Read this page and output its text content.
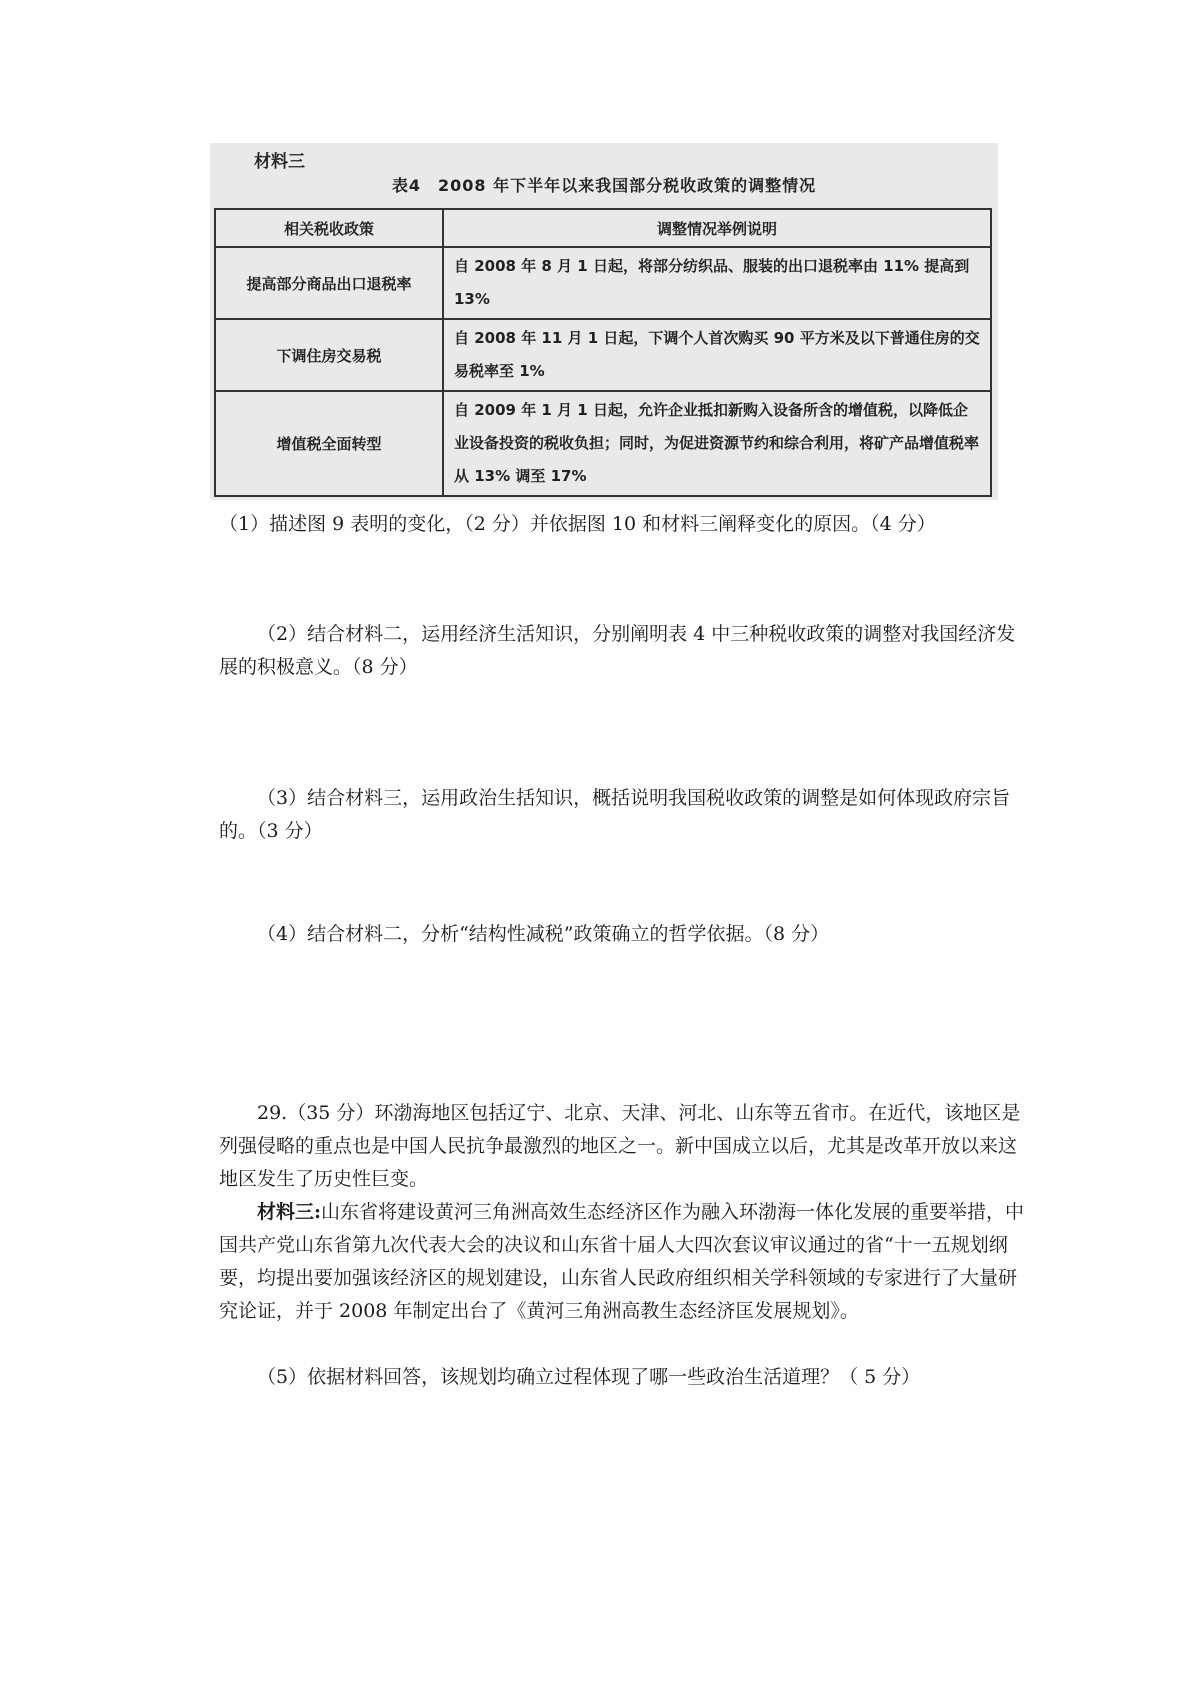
材料三
表4　2008 年下半年以来我国部分税收政策的调整情况
相关税收政策	调整情况举例说明
提高部分商品出口退税率	自 2008 年 8 月 1 日起，将部分纺织品、服装的出口退税率由 11% 提高到 13%
下调住房交易税	自 2008 年 11 月 1 日起，下调个人首次购买 90 平方米及以下普通住房的交易税率至 1%
增值税全面转型	自 2009 年 1 月 1 日起，允许企业抵扣新购入设备所含的增值税，以降低企业设备投资的税收负担；同时，为促进资源节约和综合利用，将矿产品增值税率从 13% 调至 17%
（1）描述图 9 表明的变化，（2 分）并依据图 10 和材料三阐释变化的原因。（4 分）
（2）结合材料二，运用经济生活知识，分别阐明表 4 中三种税收政策的调整对我国经济发展的积极意义。（8 分）
（3）结合材料三，运用政治生括知识，概括说明我国税收政策的调整是如何体现政府宗旨的。（3 分）
（4）结合材料二，分析“结构性减税”政策确立的哲学依据。（8 分）
29.（35 分）环渤海地区包括辽宁、北京、天津、河北、山东等五省市。在近代，该地区是列强侵略的重点也是中国人民抗争最激烈的地区之一。新中国成立以后，尤其是改革开放以来这地区发生了历史性巨变。
材料三:山东省将建设黄河三角洲高效生态经济区作为融入环渤海一体化发展的重要举措，中国共产党山东省第九次代表大会的决议和山东省十届人大四次套议审议通过的省“十一五规划纲要，均提出要加强该经济区的规划建设，山东省人民政府组织相关学科领域的专家进行了大量研究论证，并于 2008 年制定出台了《黄河三角洲高教生态经济匡发展规划》。
（5）依据材料回答，该规划均确立过程体现了哪一些政治生活道理？（ 5 分）
